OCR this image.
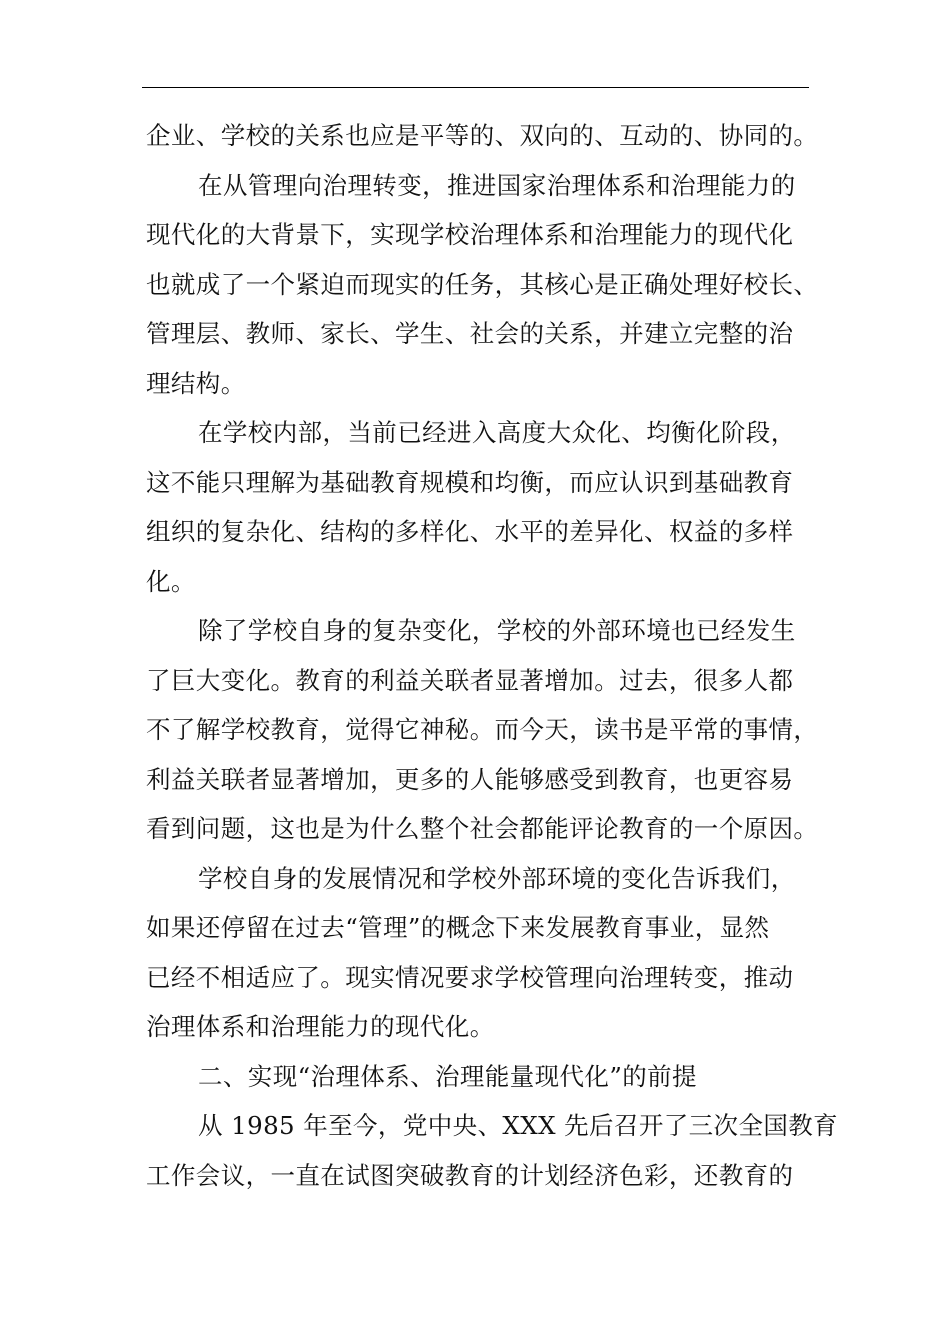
企业、学校的关系也应是平等的、双向的、互动的、协同的。
在从管理向治理转变，推进国家治理体系和治理能力的
现代化的大背景下，实现学校治理体系和治理能力的现代化
也就成了一个紧迫而现实的任务，其核心是正确处理好校长、
管理层、教师、家长、学生、社会的关系，并建立完整的治
理结构。
在学校内部，当前已经进入高度大众化、均衡化阶段，
这不能只理解为基础教育规模和均衡，而应认识到基础教育
组织的复杂化、结构的多样化、水平的差异化、权益的多样
化。
除了学校自身的复杂变化，学校的外部环境也已经发生
了巨大变化。教育的利益关联者显著增加。过去，很多人都
不了解学校教育，觉得它神秘。而今天，读书是平常的事情，
利益关联者显著增加，更多的人能够感受到教育，也更容易
看到问题，这也是为什么整个社会都能评论教育的一个原因。
学校自身的发展情况和学校外部环境的变化告诉我们，
如果还停留在过去“管理”的概念下来发展教育事业，显然
已经不相适应了。现实情况要求学校管理向治理转变，推动
治理体系和治理能力的现代化。
二、实现“治理体系、治理能量现代化”的前提
从 1985 年至今，党中央、XXX 先后召开了三次全国教育
工作会议，一直在试图突破教育的计划经济色彩，还教育的
